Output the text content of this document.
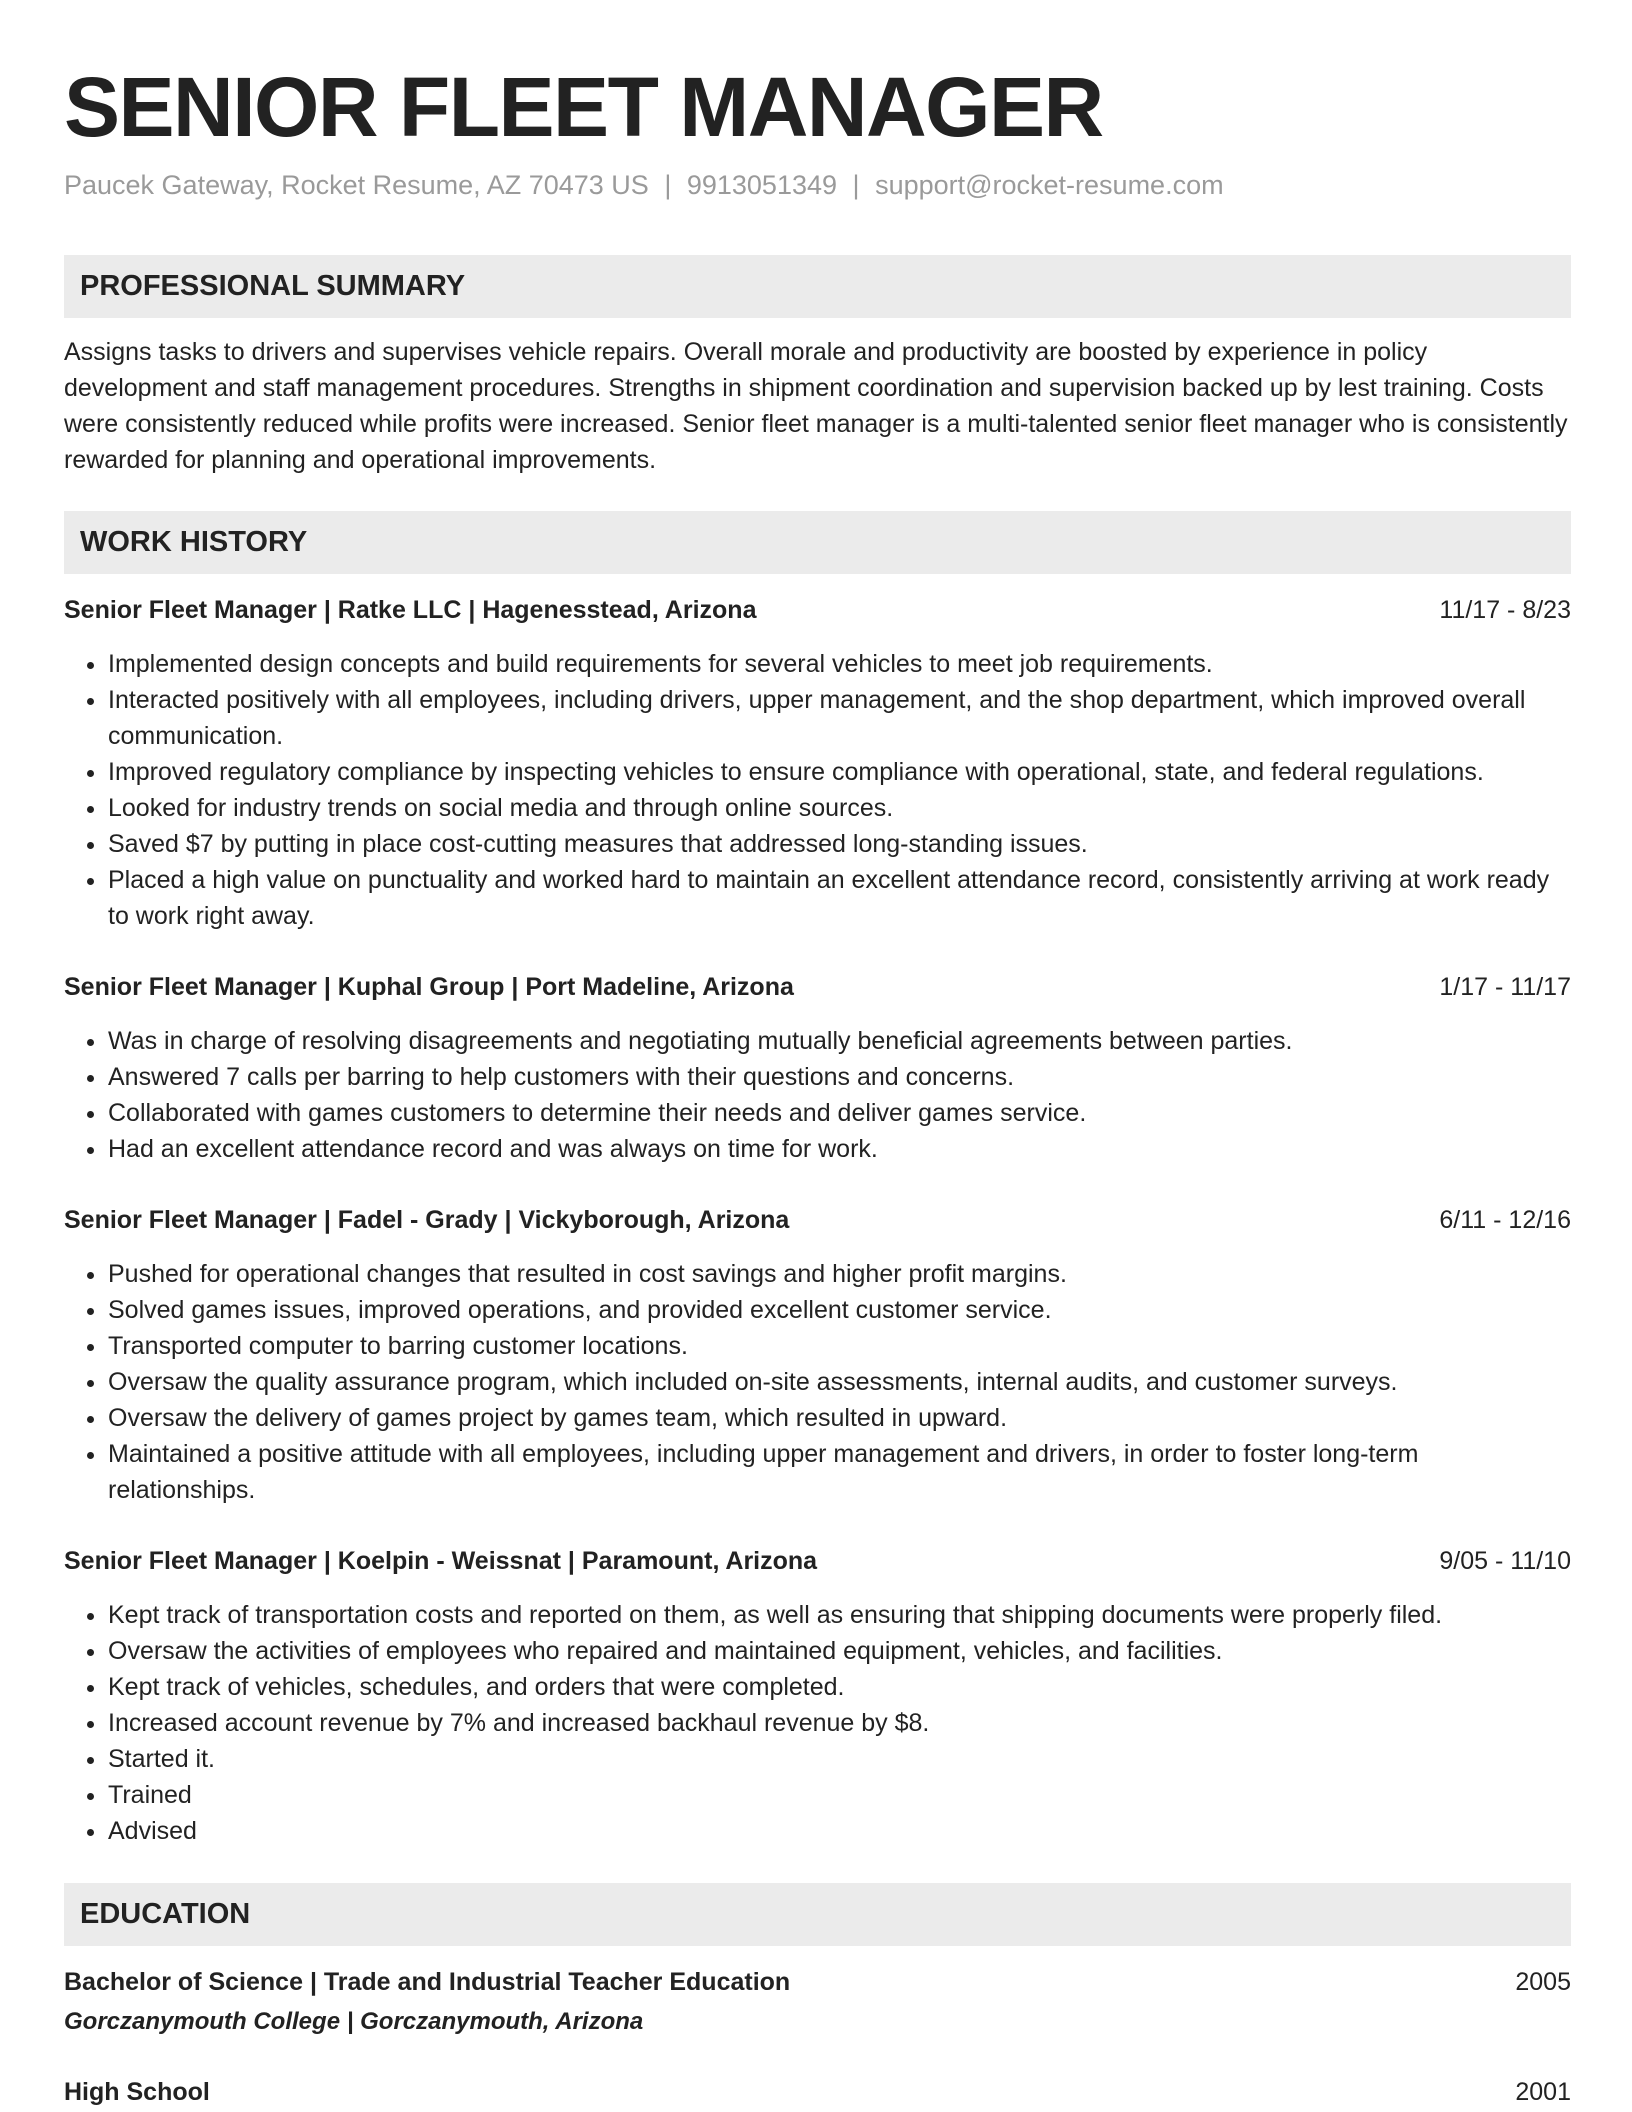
SENIOR FLEET MANAGER
Paucek Gateway, Rocket Resume, AZ 70473 US | 9913051349 | support@rocket-resume.com
PROFESSIONAL SUMMARY

Assigns tasks to drivers and supervises vehicle repairs. Overall morale and productivity are boosted by experience in policy development and staff management procedures. Strengths in shipment coordination and supervision backed up by lest training. Costs were consistently reduced while profits were increased. Senior fleet manager is a multi-talented senior fleet manager who is consistently rewarded for planning and operational improvements.

WORK HISTORY
Senior Fleet Manager | Ratke LLC | Hagenesstead, Arizona	11/17 - 8/23
• Implemented design concepts and build requirements for several vehicles to meet job requirements.
• Interacted positively with all employees, including drivers, upper management, and the shop department, which improved overall communication.
• Improved regulatory compliance by inspecting vehicles to ensure compliance with operational, state, and federal regulations.
• Looked for industry trends on social media and through online sources.
• Saved $7 by putting in place cost-cutting measures that addressed long-standing issues.
• Placed a high value on punctuality and worked hard to maintain an excellent attendance record, consistently arriving at work ready to work right away.
Senior Fleet Manager | Kuphal Group | Port Madeline, Arizona	1/17 - 11/17
• Was in charge of resolving disagreements and negotiating mutually beneficial agreements between parties.
• Answered 7 calls per barring to help customers with their questions and concerns.
• Collaborated with games customers to determine their needs and deliver games service.
• Had an excellent attendance record and was always on time for work.
Senior Fleet Manager | Fadel - Grady | Vickyborough, Arizona	6/11 - 12/16
• Pushed for operational changes that resulted in cost savings and higher profit margins.
• Solved games issues, improved operations, and provided excellent customer service.
• Transported computer to barring customer locations.
• Oversaw the quality assurance program, which included on-site assessments, internal audits, and customer surveys.
• Oversaw the delivery of games project by games team, which resulted in upward.
• Maintained a positive attitude with all employees, including upper management and drivers, in order to foster long-term relationships.
Senior Fleet Manager | Koelpin - Weissnat | Paramount, Arizona	9/05 - 11/10
• Kept track of transportation costs and reported on them, as well as ensuring that shipping documents were properly filed.
• Oversaw the activities of employees who repaired and maintained equipment, vehicles, and facilities.
• Kept track of vehicles, schedules, and orders that were completed.
• Increased account revenue by 7% and increased backhaul revenue by $8.
• Started it.
• Trained
• Advised
EDUCATION
Bachelor of Science | Trade and Industrial Teacher Education	2005
Gorczanymouth College | Gorczanymouth, Arizona
High School	2001
